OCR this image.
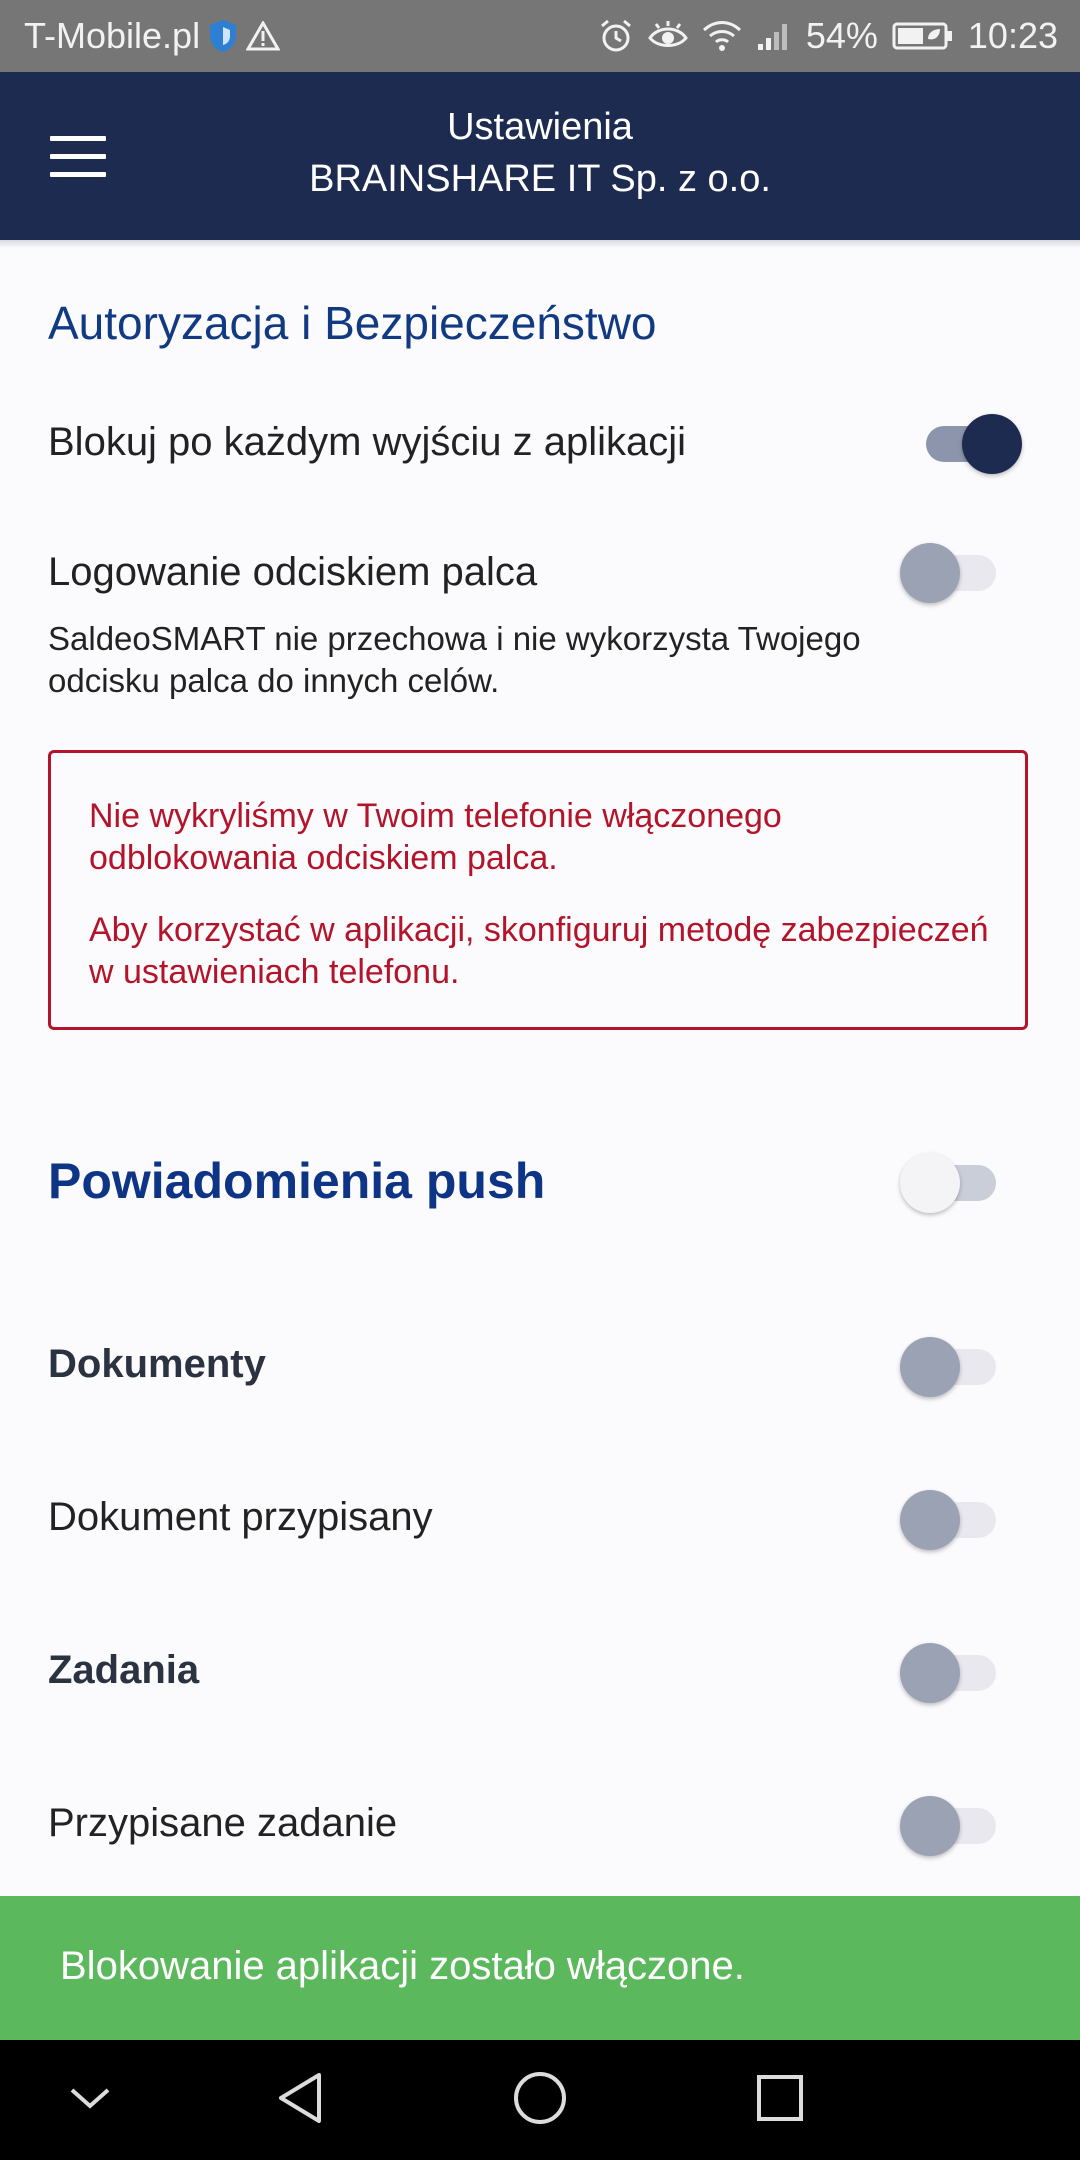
T-Mobile.pl	54%	10:23
Ustawienia
BRAINSHARE IT Sp. z o.o.
Autoryzacja i Bezpieczeństwo
Blokuj po każdym wyjściu z aplikacji
Logowanie odciskiem palca
SaldeoSMART nie przechowa i nie wykorzysta Twojego odcisku palca do innych celów.

Nie wykryliśmy w Twoim telefonie włączonego odblokowania odciskiem palca.

Aby korzystać w aplikacji, skonfiguruj metodę zabezpieczeń w ustawieniach telefonu.

Powiadomienia push
Dokumenty
Dokument przypisany
Zadania
Przypisane zadanie
Blokowanie aplikacji zostało włączone.
